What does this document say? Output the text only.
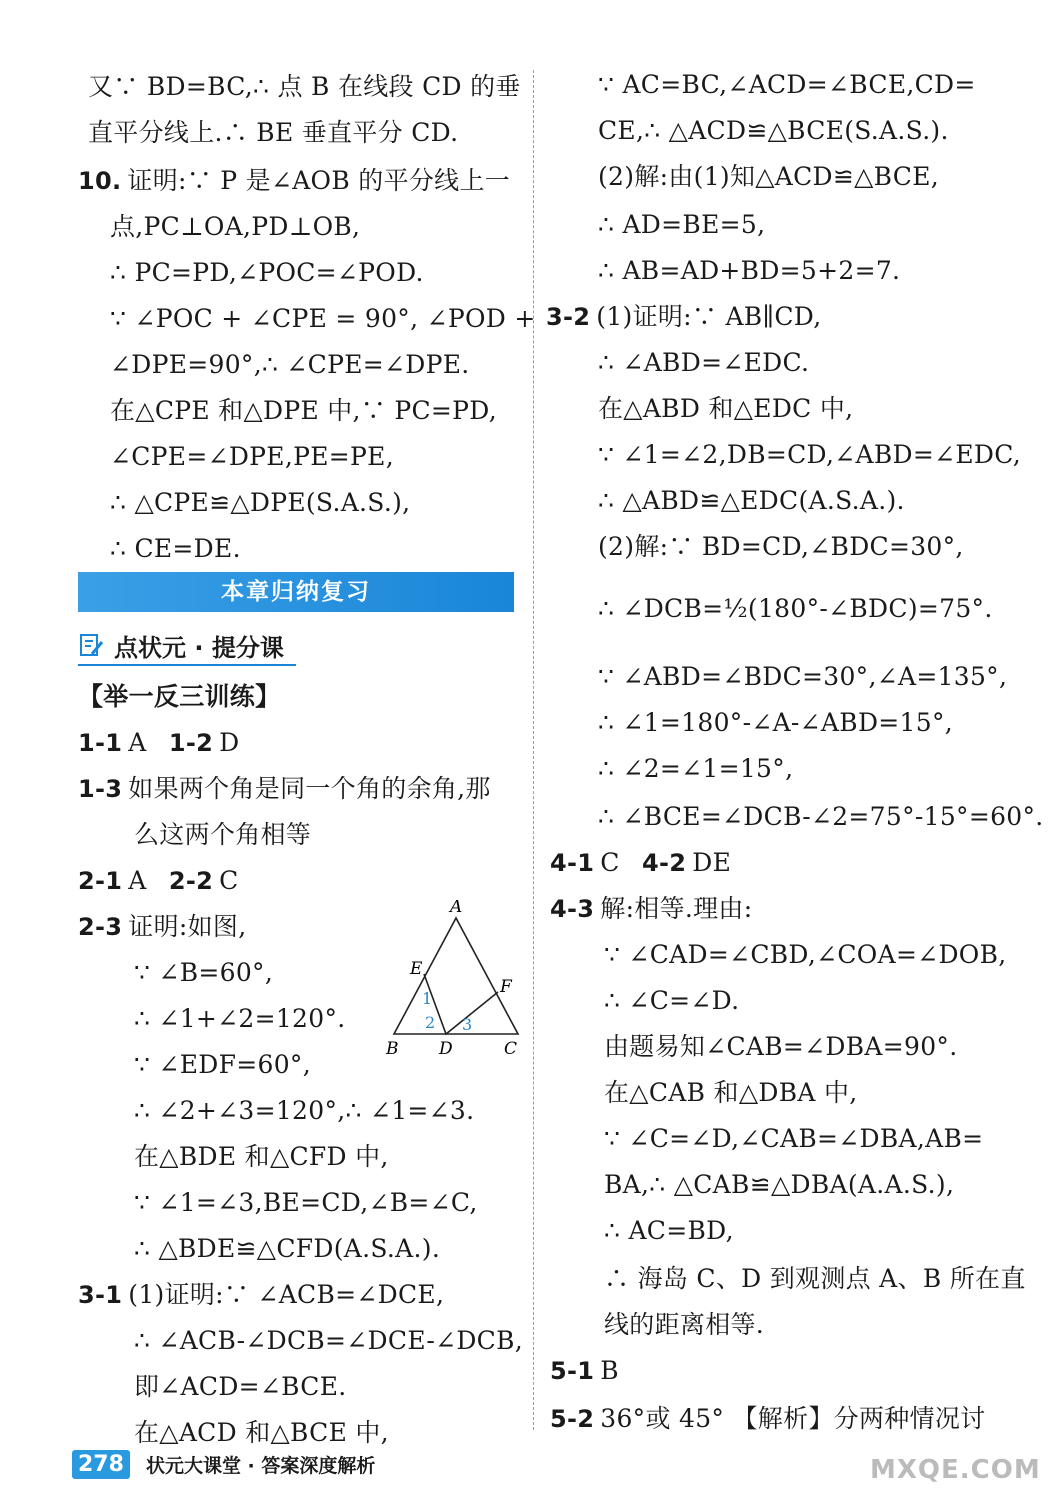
又∵ BD=BC,∴ 点 B 在线段 CD 的垂
直平分线上.∴ BE 垂直平分 CD.
10. 证明:∵ P 是∠AOB 的平分线上一
点,PC⊥OA,PD⊥OB,
∴ PC=PD,∠POC=∠POD.
∵ ∠POC + ∠CPE = 90°, ∠POD +
∠DPE=90°,∴ ∠CPE=∠DPE.
在△CPE 和△DPE 中,∵ PC=PD,
∠CPE=∠DPE,PE=PE,
∴ △CPE≌△DPE(S.A.S.),
∴ CE=DE.
【举一反三训练】
1-1 A 1-2 D
1-3 如果两个角是同一个角的余角,那
么这两个角相等
2-1 A 2-2 C
2-3 证明:如图,
∵ ∠B=60°,
∴ ∠1+∠2=120°.
∵ ∠EDF=60°,
∴ ∠2+∠3=120°,∴ ∠1=∠3.
在△BDE 和△CFD 中,
∵ ∠1=∠3,BE=CD,∠B=∠C,
∴ △BDE≌△CFD(A.S.A.).
3-1 (1)证明:∵ ∠ACB=∠DCE,
∴ ∠ACB-∠DCB=∠DCE-∠DCB,
即∠ACD=∠BCE.
在△ACD 和△BCE 中,
∵ AC=BC,∠ACD=∠BCE,CD=
CE,∴ △ACD≌△BCE(S.A.S.).
(2)解:由(1)知△ACD≌△BCE,
∴ AD=BE=5,
∴ AB=AD+BD=5+2=7.
3-2 (1)证明:∵ AB∥CD,
∴ ∠ABD=∠EDC.
在△ABD 和△EDC 中,
∵ ∠1=∠2,DB=CD,∠ABD=∠EDC,
∴ △ABD≌△EDC(A.S.A.).
(2)解:∵ BD=CD,∠BDC=30°,
∴ ∠DCB=½(180°-∠BDC)=75°.
∵ ∠ABD=∠BDC=30°,∠A=135°,
∴ ∠1=180°-∠A-∠ABD=15°,
∴ ∠2=∠1=15°,
∴ ∠BCE=∠DCB-∠2=75°-15°=60°.
4-1 C 4-2 DE
4-3 解:相等.理由:
∵ ∠CAD=∠CBD,∠COA=∠DOB,
∴ ∠C=∠D.
由题易知∠CAB=∠DBA=90°.
在△CAB 和△DBA 中,
∵ ∠C=∠D,∠CAB=∠DBA,AB=
BA,∴ △CAB≌△DBA(A.A.S.),
∴ AC=BD,
∴ 海岛 C、D 到观测点 A、B 所在直
线的距离相等.
5-1 B
5-2 36°或 45° 【解析】分两种情况讨
本章归纳复习
点状元 · 提分课
A
B	C
D
E
F
1
2 3
278	状元大课堂 · 答案深度解析	MXQE.COM
